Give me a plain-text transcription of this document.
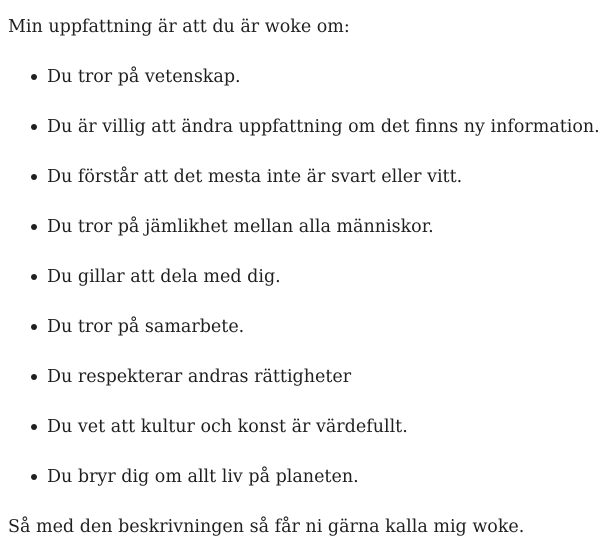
Min uppfattning är att du är woke om:

Du tror på vetenskap.
Du är villig att ändra uppfattning om det finns ny information.
Du förstår att det mesta inte är svart eller vitt.
Du tror på jämlikhet mellan alla människor.
Du gillar att dela med dig.
Du tror på samarbete.
Du respekterar andras rättigheter
Du vet att kultur och konst är värdefullt.
Du bryr dig om allt liv på planeten.

Så med den beskrivningen så får ni gärna kalla mig woke.
